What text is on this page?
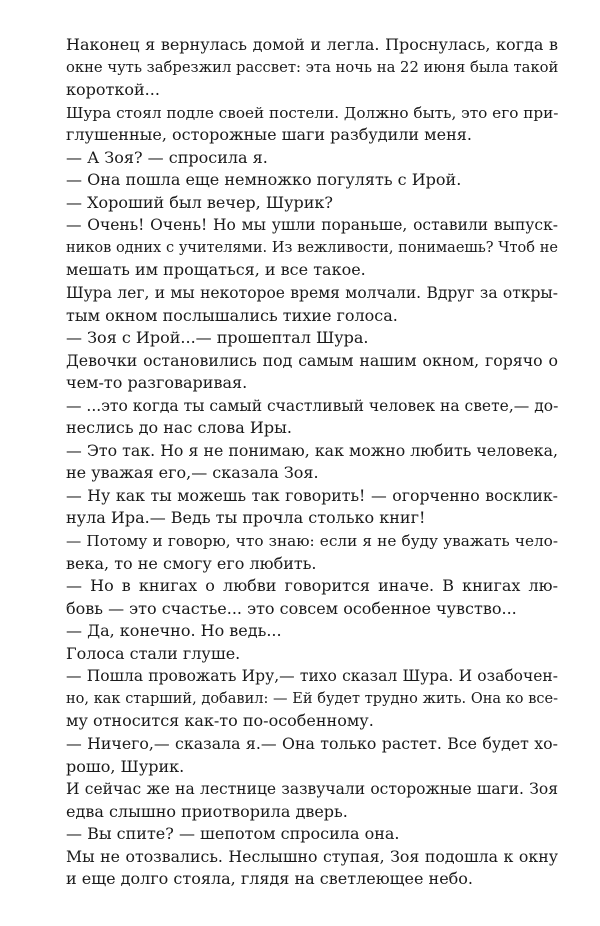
Наконец я вернулась домой и легла. Проснулась, когда в
окне чуть забрезжил рассвет: эта ночь на 22 июня была такой
короткой...
Шура стоял подле своей постели. Должно быть, это его при-
глушенные, осторожные шаги разбудили меня.
— А Зоя? — спросила я.
— Она пошла еще немножко погулять с Ирой.
— Хороший был вечер, Шурик?
— Очень! Очень! Но мы ушли пораньше, оставили выпуск-
ников одних с учителями. Из вежливости, понимаешь? Чтоб не
мешать им прощаться, и все такое.
Шура лег, и мы некоторое время молчали. Вдруг за откры-
тым окном послышались тихие голоса.
— Зоя с Ирой...— прошептал Шура.
Девочки остановились под самым нашим окном, горячо о
чем-то разговаривая.
— ...это когда ты самый счастливый человек на свете,— до-
неслись до нас слова Иры.
— Это так. Но я не понимаю, как можно любить человека,
не уважая его,— сказала Зоя.
— Ну как ты можешь так говорить! — огорченно восклик-
нула Ира.— Ведь ты прочла столько книг!
— Потому и говорю, что знаю: если я не буду уважать чело-
века, то не смогу его любить.
— Но в книгах о любви говорится иначе. В книгах лю-
бовь — это счастье... это совсем особенное чувство...
— Да, конечно. Но ведь...
Голоса стали глуше.
— Пошла провожать Иру,— тихо сказал Шура. И озабочен-
но, как старший, добавил: — Ей будет трудно жить. Она ко все-
му относится как-то по-особенному.
— Ничего,— сказала я.— Она только растет. Все будет хо-
рошо, Шурик.
И сейчас же на лестнице зазвучали осторожные шаги. Зоя
едва слышно приотворила дверь.
— Вы спите? — шепотом спросила она.
Мы не отозвались. Неслышно ступая, Зоя подошла к окну
и еще долго стояла, глядя на светлеющее небо.
